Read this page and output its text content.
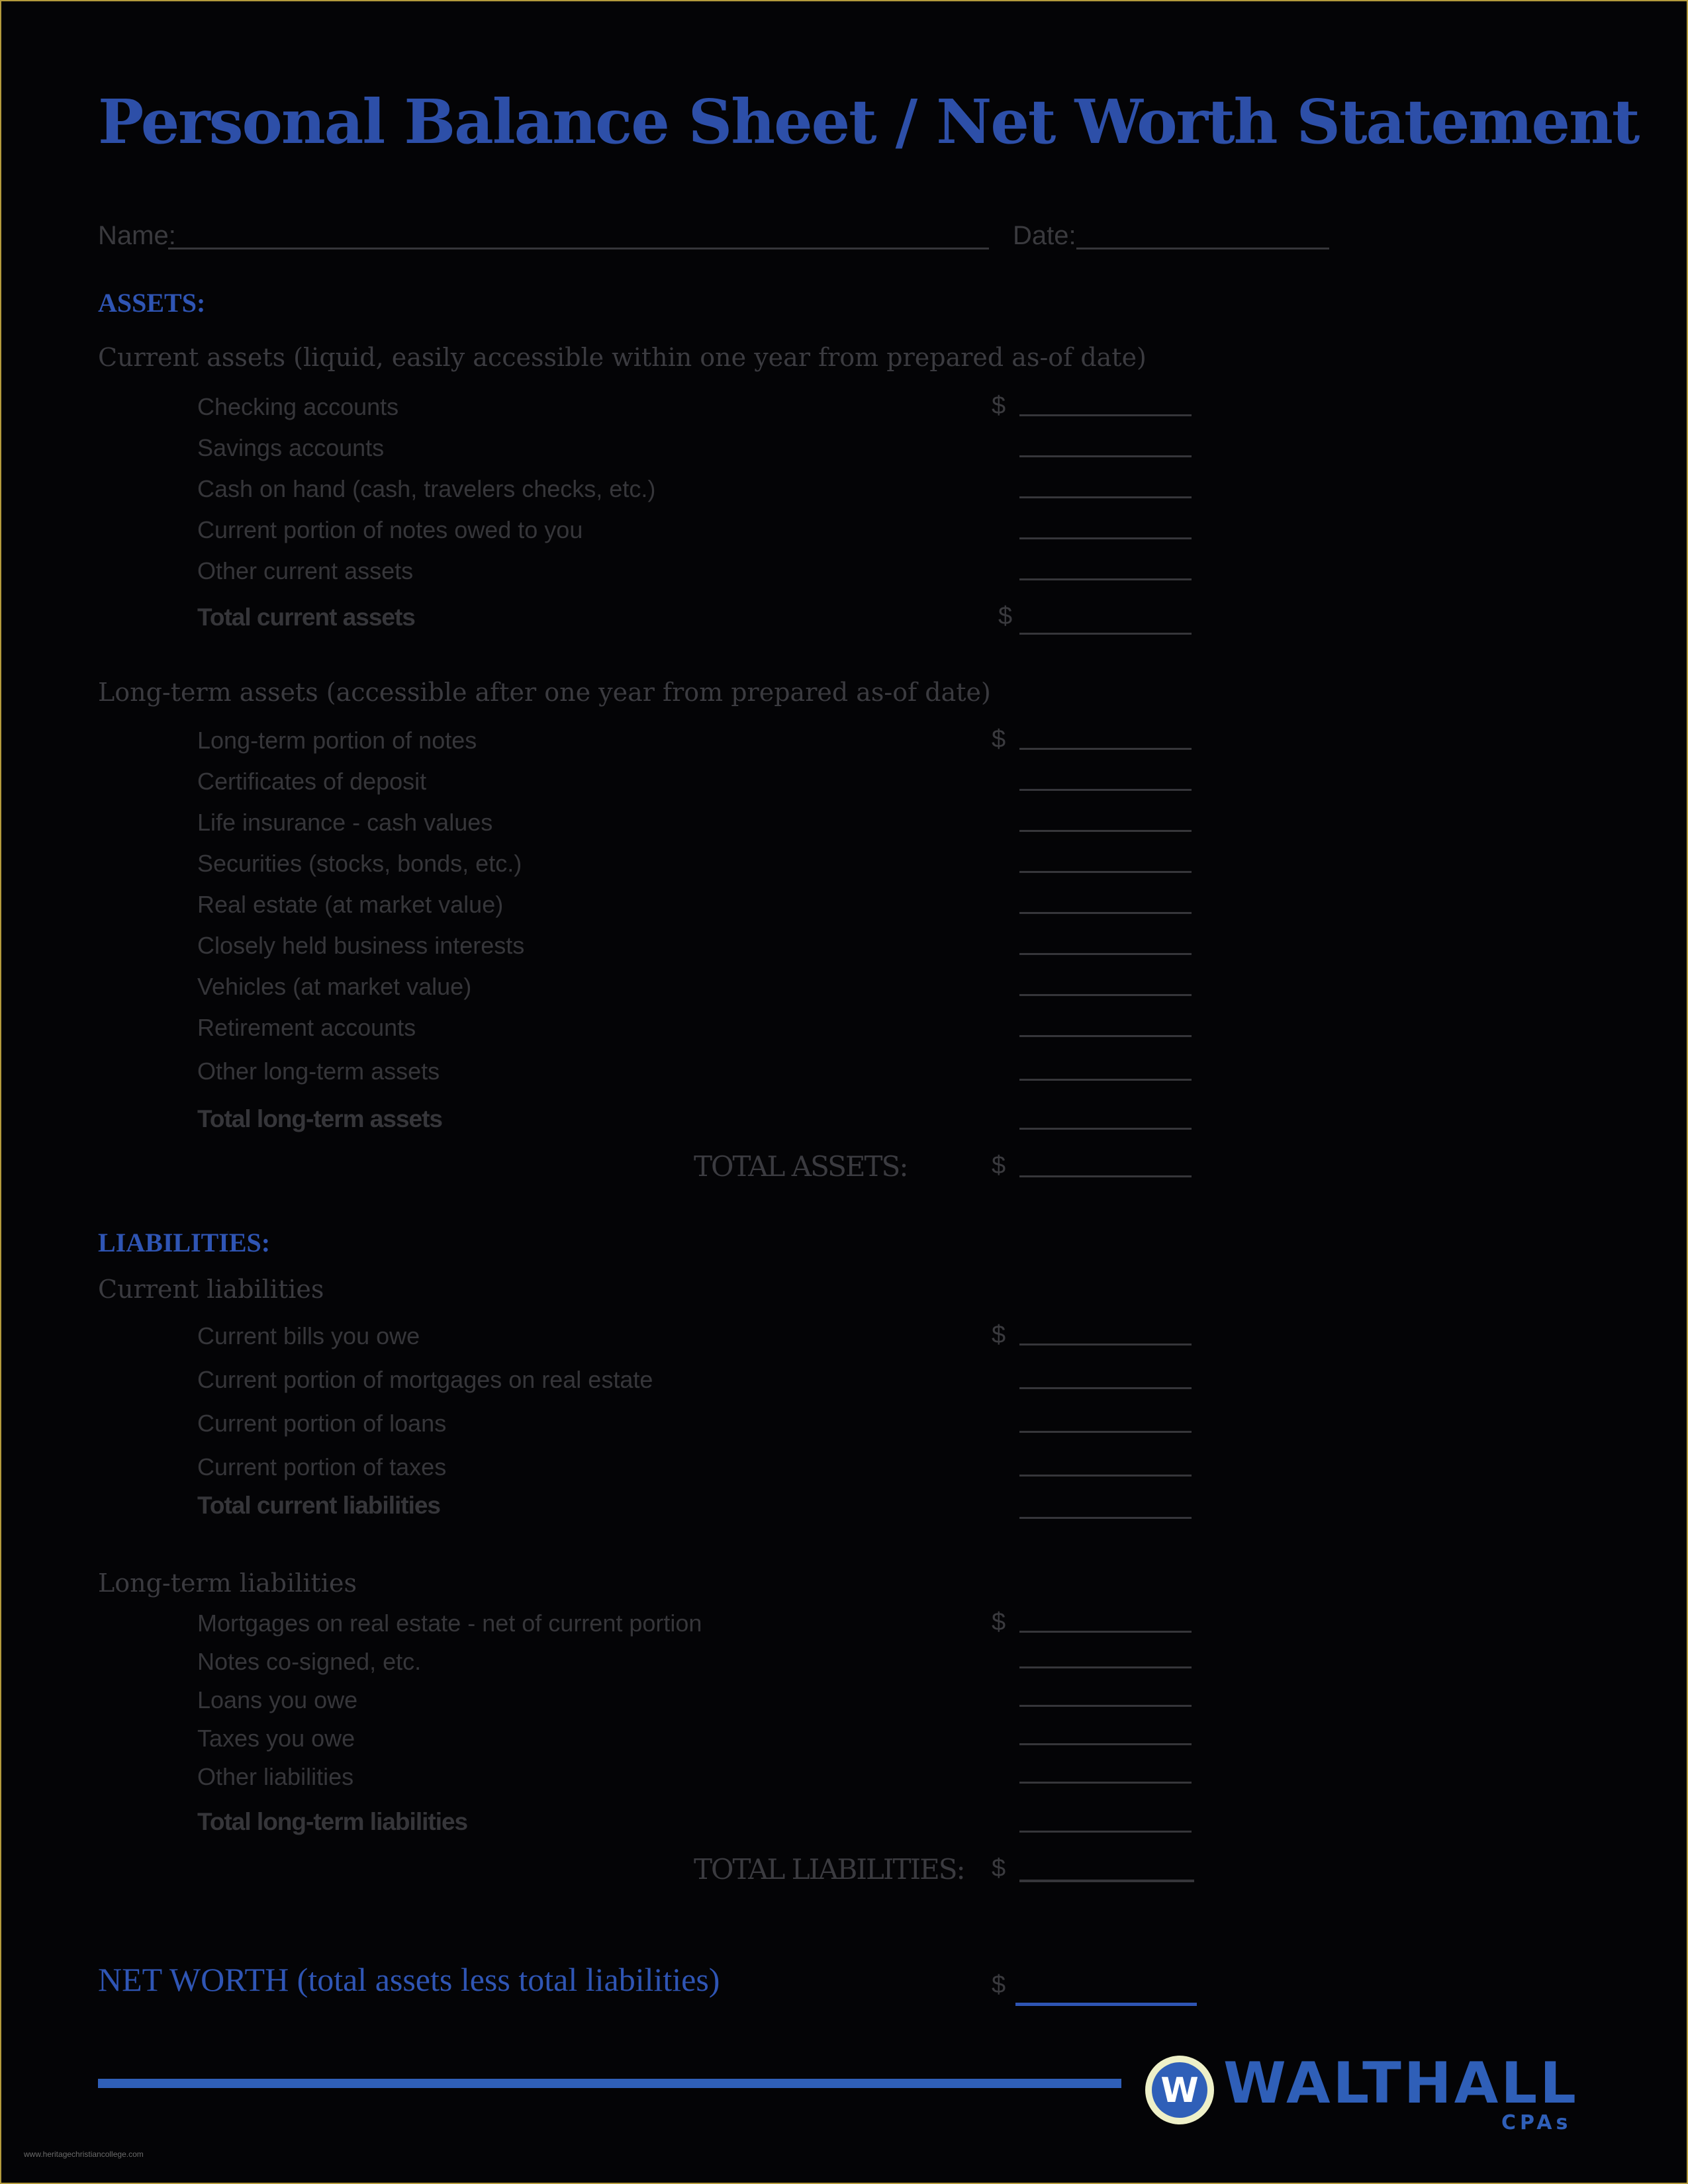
Personal Balance Sheet / Net Worth Statement
Name:	Date:
ASSETS:
Current assets (liquid, easily accessible within one year from prepared as-of date)
Checking accounts	$
Savings accounts
Cash on hand (cash, travelers checks, etc.)
Current portion of notes owed to you
Other current assets
Total current assets	$
Long-term assets (accessible after one year from prepared as-of date)
Long-term portion of notes	$
Certificates of deposit
Life insurance - cash values
Securities (stocks, bonds, etc.)
Real estate (at market value)
Closely held business interests
Vehicles (at market value)
Retirement accounts
Other long-term assets
Total long-term assets
TOTAL ASSETS:	$
LIABILITIES:
Current liabilities
Current bills you owe	$
Current portion of mortgages on real estate
Current portion of loans
Current portion of taxes
Total current liabilities
Long-term liabilities
Mortgages on real estate - net of current portion	$
Notes co-signed, etc.
Loans you owe
Taxes you owe
Other liabilities
Total long-term liabilities
TOTAL LIABILITIES: $
NET WORTH (total assets less total liabilities)	$
W WALTHALL
CPAs
www.heritagechristiancollege.com
